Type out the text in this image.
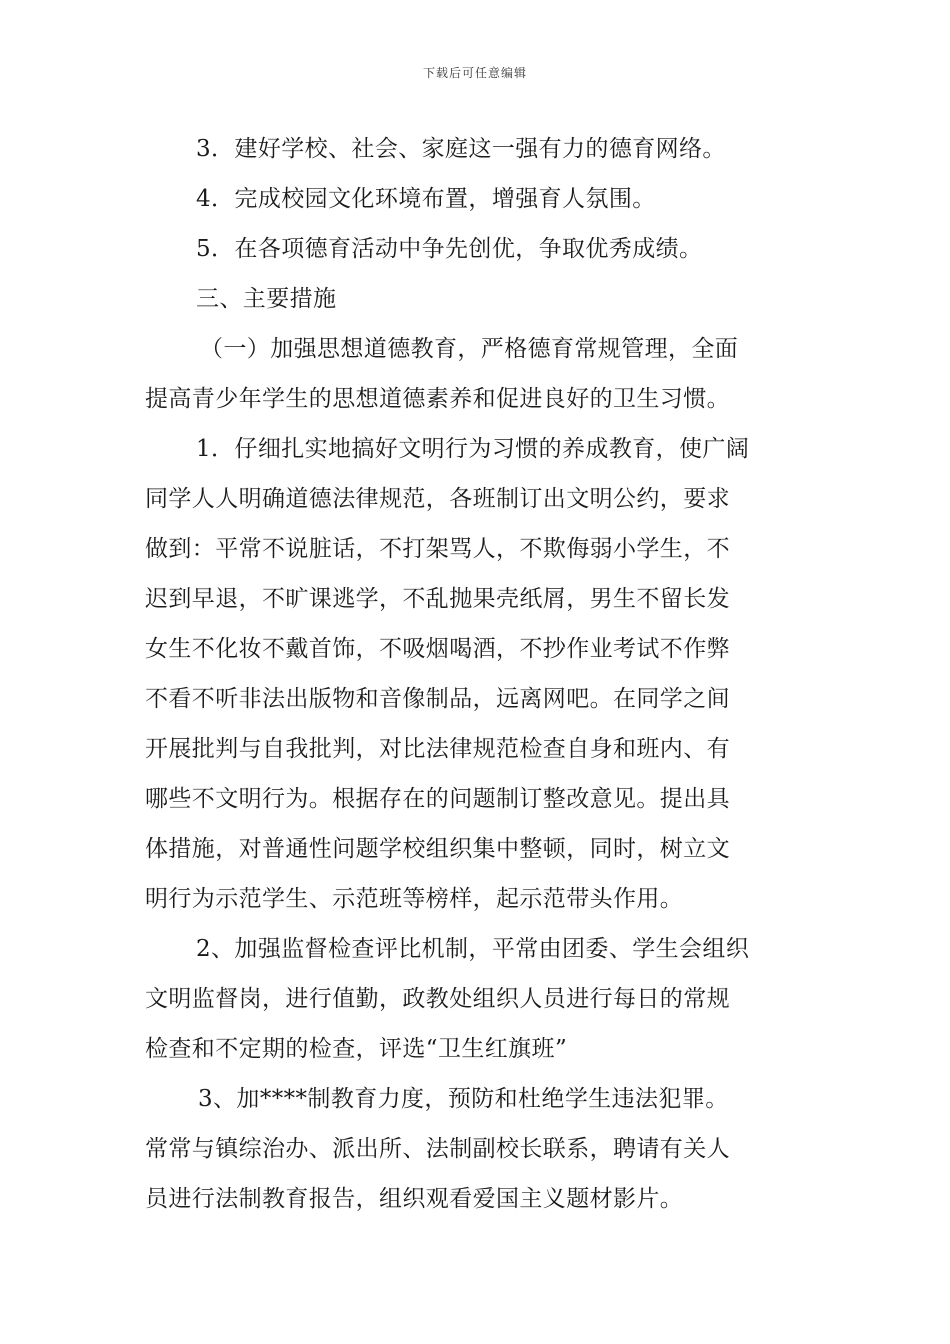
下载后可任意编辑
3．建好学校、社会、家庭这一强有力的德育网络。
4．完成校园文化环境布置，增强育人氛围。
5．在各项德育活动中争先创优，争取优秀成绩。
三、主要措施
（一）加强思想道德教育，严格德育常规管理，全面
提高青少年学生的思想道德素养和促进良好的卫生习惯。
1．仔细扎实地搞好文明行为习惯的养成教育，使广阔
同学人人明确道德法律规范，各班制订出文明公约，要求
做到：平常不说脏话，不打架骂人，不欺侮弱小学生，不
迟到早退，不旷课逃学，不乱抛果壳纸屑，男生不留长发
女生不化妆不戴首饰，不吸烟喝酒，不抄作业考试不作弊
不看不听非法出版物和音像制品，远离网吧。在同学之间
开展批判与自我批判，对比法律规范检查自身和班内、有
哪些不文明行为。根据存在的问题制订整改意见。提出具
体措施，对普通性问题学校组织集中整顿，同时，树立文
明行为示范学生、示范班等榜样，起示范带头作用。
2、加强监督检查评比机制，平常由团委、学生会组织
文明监督岗，进行值勤，政教处组织人员进行每日的常规
检查和不定期的检查，评选“卫生红旗班”
3、加****制教育力度，预防和杜绝学生违法犯罪。
常常与镇综治办、派出所、法制副校长联系，聘请有关人
员进行法制教育报告，组织观看爱国主义题材影片。
